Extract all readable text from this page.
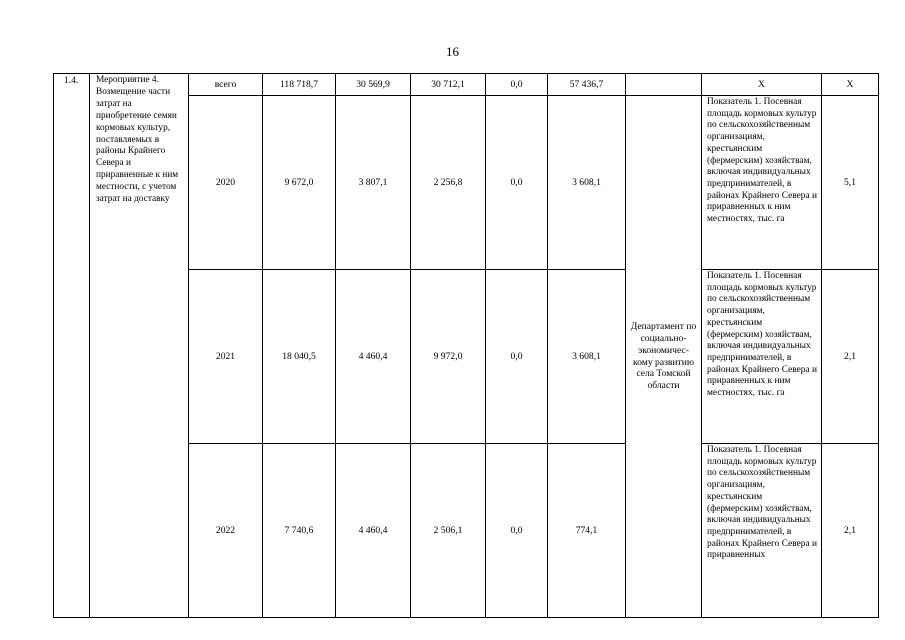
16
1.4.	Мероприятие 4. Возмещение части затрат на приобретение семян кормовых культур, поставляемых в районы Крайнего Севера и приравненные к ним местности, с учетом затрат на доставку	всего	118 718,7	30 569,9	30 712,1	0,0	57 436,7		Х	Х
		2020	9 672,0	3 807,1	2 256,8	0,0	3 608,1	Департамент по социально-экономичес-кому развитию села Томской области	Показатель 1. Посевная площадь кормовых культур по сельскохозяйственным организациям, крестьянским (фермерским) хозяйствам, включая индивидуальных предпринимателей, в районах Крайнего Севера и приравненных к ним местностях, тыс. га	5,1
		2021	18 040,5	4 460,4	9 972,0	0,0	3 608,1		Показатель 1. Посевная площадь кормовых культур по сельскохозяйственным организациям, крестьянским (фермерским) хозяйствам, включая индивидуальных предпринимателей, в районах Крайнего Севера и приравненных к ним местностях, тыс. га	2,1
		2022	7 740,6	4 460,4	2 506,1	0,0	774,1		Показатель 1. Посевная площадь кормовых культур по сельскохозяйственным организациям, крестьянским (фермерским) хозяйствам, включая индивидуальных предпринимателей, в районах Крайнего Севера и приравненных	2,1
